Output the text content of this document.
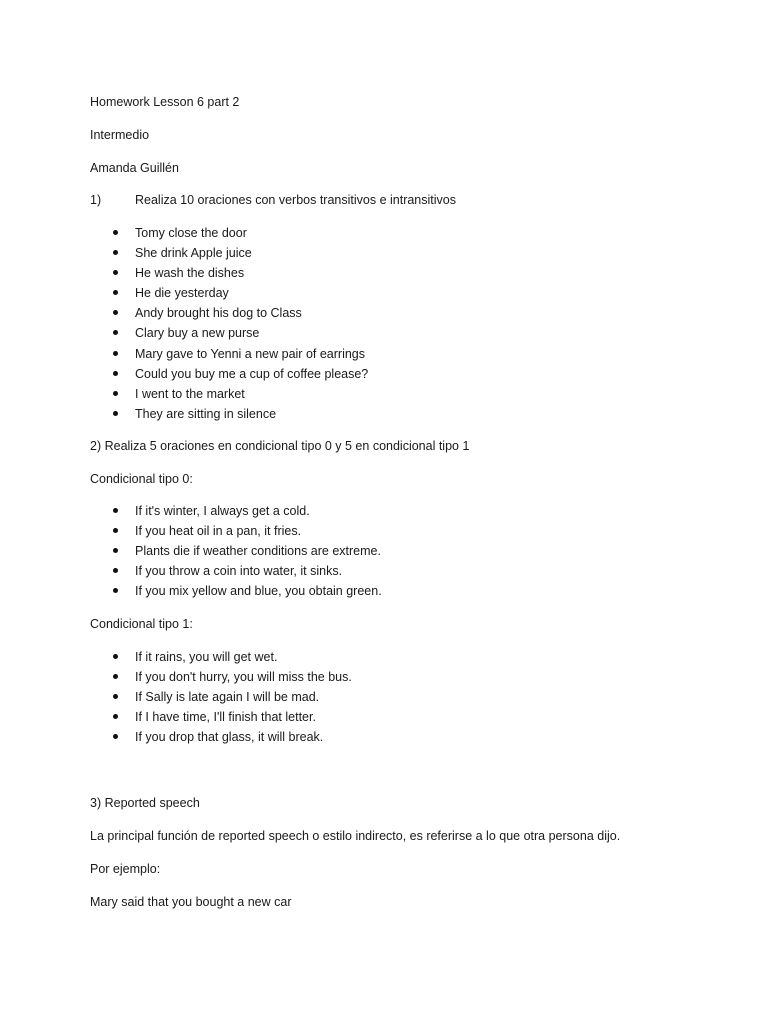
Homework Lesson 6 part 2
Intermedio
Amanda Guillén
1)	Realiza 10 oraciones con verbos transitivos e intransitivos
Tomy close the door
She drink Apple juice
He wash the dishes
He die yesterday
Andy brought his dog to Class
Clary buy a new purse
Mary gave to Yenni a new pair of earrings
Could you buy me a cup of coffee please?
I went to the market
They are sitting in silence
2) Realiza 5 oraciones en condicional tipo 0 y 5 en condicional tipo 1
Condicional tipo 0:
If it's winter, I always get a cold.
If you heat oil in a pan, it fries.
Plants die if weather conditions are extreme.
If you throw a coin into water, it sinks.
If you mix yellow and blue, you obtain green.
Condicional tipo 1:
If it rains, you will get wet.
If you don't hurry, you will miss the bus.
If Sally is late again I will be mad.
If I have time, I'll finish that letter.
If you drop that glass, it will break.
3) Reported speech
La principal función de reported speech o estilo indirecto, es referirse a lo que otra persona dijo.
Por ejemplo:
Mary said that you bought a new car
